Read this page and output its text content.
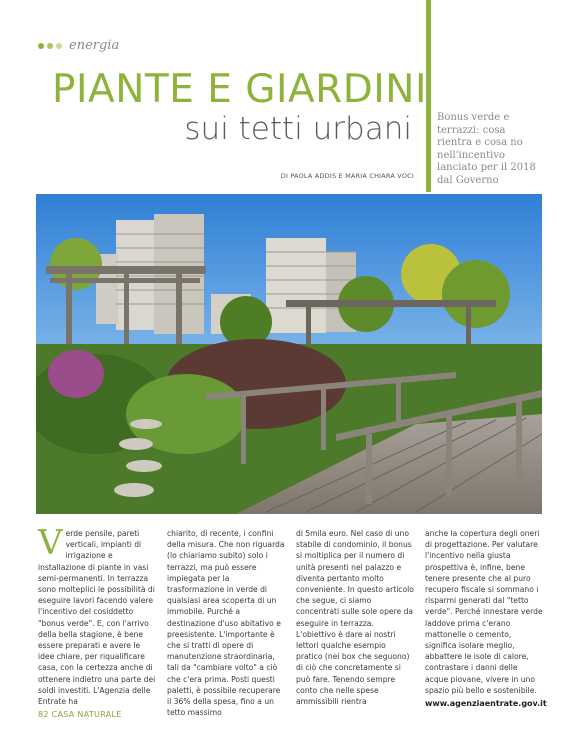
energia
PIANTE E GIARDINI
sui tetti urbani
DI PAOLA ADDIS E MARIA CHIARA VOCI
Bonus verde e terrazzi: cosa rientra e cosa no nell'incentivo lanciato per il 2018 dal Governo
V erde pensile, pareti verticali, impianti di irrigazione e installazione di piante in vasi semi-permanenti. In terrazza sono molteplici le possibilità di eseguire lavori facendo valere l'incentivo del cosiddetto "bonus verde". E, con l'arrivo della bella stagione, è bene essere preparati e avere le idee chiare, per riqualificare casa, con la certezza anche di ottenere indietro una parte dei soldi investiti. L'Agenzia delle Entrate ha

chiarito, di recente, i confini della misura. Che non riguarda (lo chiariamo subito) solo i terrazzi, ma può essere impiegata per la trasformazione in verde di qualsiasi area scoperta di un immobile. Purché a destinazione d'uso abitativo e preesistente. L'importante è che si tratti di opere di manutenzione straordinaria, tali da "cambiare volto" a ciò che c'era prima. Posti questi paletti, è possibile recuperare il 36% della spesa, fino a un tetto massimo

di 5mila euro. Nel caso di uno stabile di condominio, il bonus si moltiplica per il numero di unità presenti nel palazzo e diventa pertanto molto conveniente. In questo articolo che segue, ci siamo concentrati sulle sole opere da eseguire in terrazza. L'obiettivo è dare ai nostri lettori qualche esempio pratico (nei box che seguono) di ciò che concretamente si può fare. Tenendo sempre conto che nelle spese ammissibili rientra

anche la copertura degli oneri di progettazione. Per valutare l'incentivo nella giusta prospettiva è, infine, bene tenere presente che al puro recupero fiscale si sommano i risparmi generati dal "tetto verde". Perché innestare verde laddove prima c'erano mattonelle o cemento, significa isolare meglio, abbattere le isole di calore, contrastare i danni delle acque piovane, vivere in uno spazio più bello e sostenibile.

www.agenziaentrate.gov.it
82 CASA NATURALE
